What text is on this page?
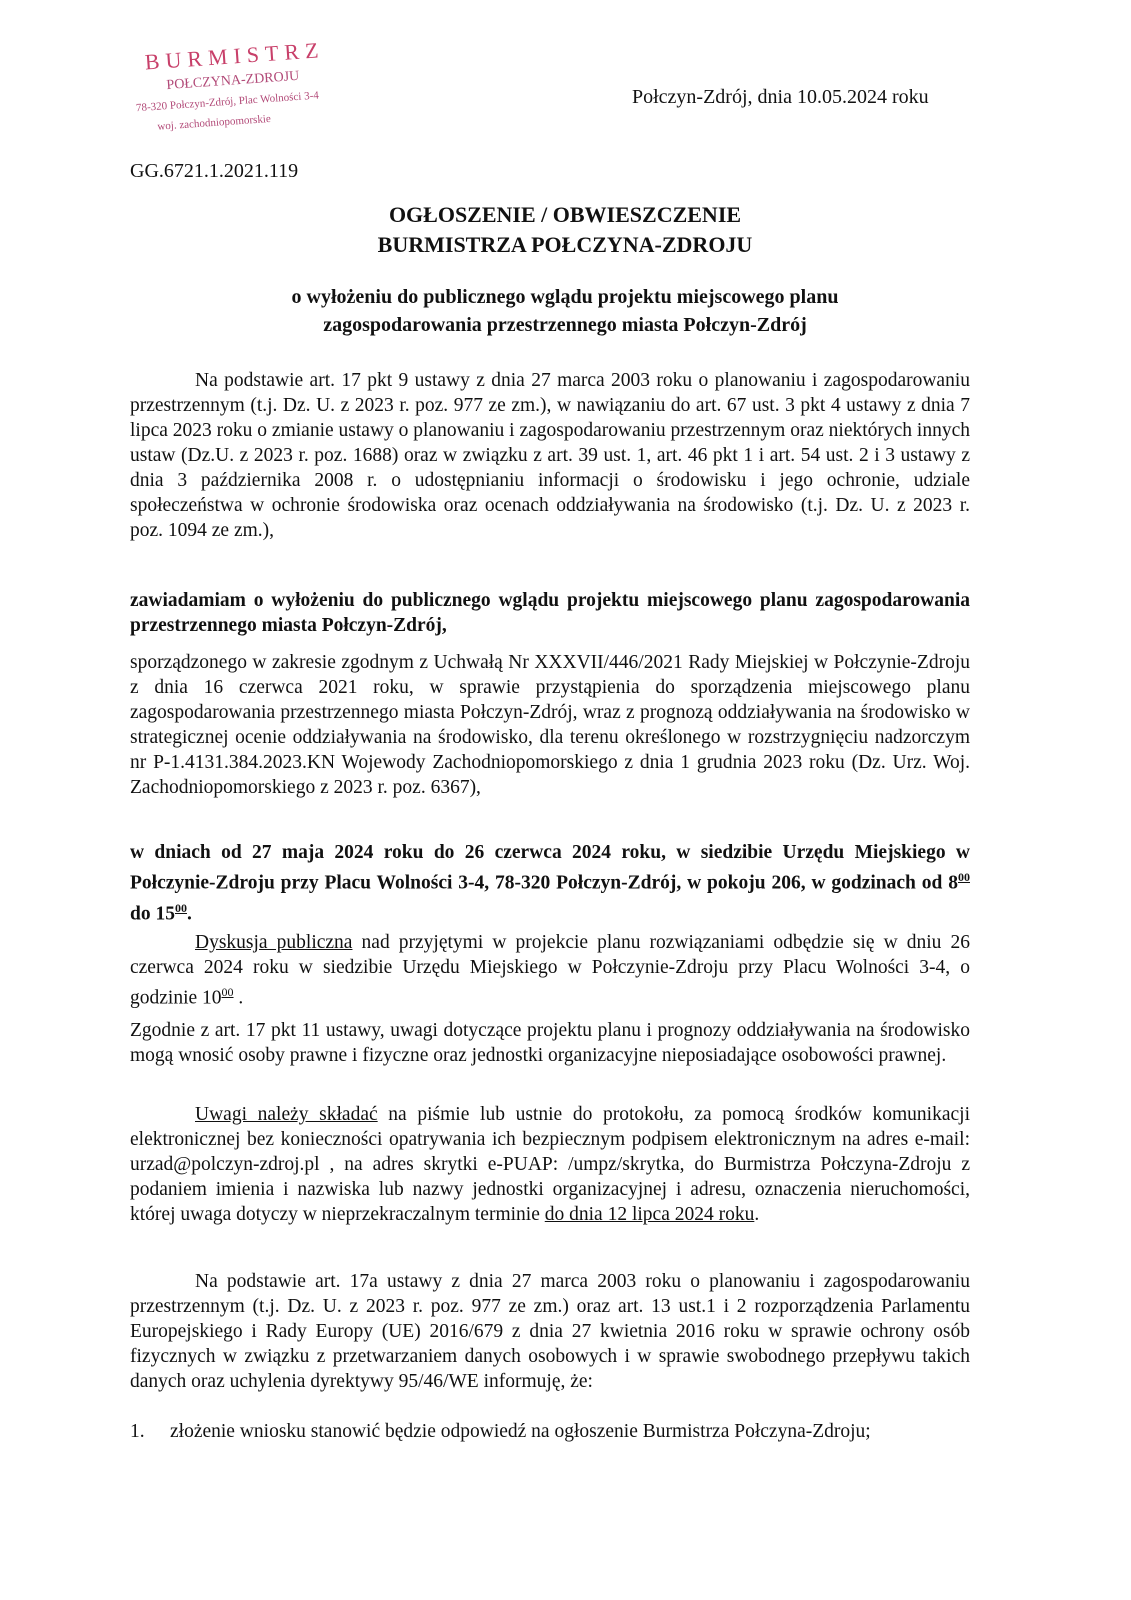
BURMISTRZ
POŁCZYNA-ZDROJU
78-320 Połczyn-Zdrój, Plac Wolności 3-4
woj. zachodniopomorskie
Połczyn-Zdrój, dnia 10.05.2024 roku
GG.6721.1.2021.119
OGŁOSZENIE / OBWIESZCZENIE
BURMISTRZA POŁCZYNA-ZDROJU
o wyłożeniu do publicznego wglądu projektu miejscowego planu
zagospodarowania przestrzennego miasta Połczyn-Zdrój
Na podstawie art. 17 pkt 9 ustawy z dnia 27 marca 2003 roku o planowaniu i zagospodarowaniu przestrzennym (t.j. Dz. U. z 2023 r. poz. 977 ze zm.), w nawiązaniu do art. 67 ust. 3 pkt 4 ustawy z dnia 7 lipca 2023 roku o zmianie ustawy o planowaniu i zagospodarowaniu przestrzennym oraz niektórych innych ustaw (Dz.U. z 2023 r. poz. 1688) oraz w związku z art. 39 ust. 1, art. 46 pkt 1 i art. 54 ust. 2 i 3 ustawy z dnia 3 października 2008 r. o udostępnianiu informacji o środowisku i jego ochronie, udziale społeczeństwa w ochronie środowiska oraz ocenach oddziaływania na środowisko (t.j. Dz. U. z 2023 r. poz. 1094 ze zm.),
zawiadamiam o wyłożeniu do publicznego wglądu projektu miejscowego planu zagospodarowania przestrzennego miasta Połczyn-Zdrój,
sporządzonego w zakresie zgodnym z Uchwałą Nr XXXVII/446/2021 Rady Miejskiej w Połczynie-Zdroju z dnia 16 czerwca 2021 roku, w sprawie przystąpienia do sporządzenia miejscowego planu zagospodarowania przestrzennego miasta Połczyn-Zdrój, wraz z prognozą oddziaływania na środowisko w strategicznej ocenie oddziaływania na środowisko, dla terenu określonego w rozstrzygnięciu nadzorczym nr P-1.4131.384.2023.KN Wojewody Zachodniopomorskiego z dnia 1 grudnia 2023 roku (Dz. Urz. Woj. Zachodniopomorskiego z 2023 r. poz. 6367),
w dniach od 27 maja 2024 roku do 26 czerwca 2024 roku, w siedzibie Urzędu Miejskiego w Połczynie-Zdroju przy Placu Wolności 3-4, 78-320 Połczyn-Zdrój, w pokoju 206, w godzinach od $8^{00}$ do $15^{00}$.
Dyskusja publiczna nad przyjętymi w projekcie planu rozwiązaniami odbędzie się w dniu 26 czerwca 2024 roku w siedzibie Urzędu Miejskiego w Połczynie-Zdroju przy Placu Wolności 3-4, o godzinie $10^{00}$ .
Zgodnie z art. 17 pkt 11 ustawy, uwagi dotyczące projektu planu i prognozy oddziaływania na środowisko mogą wnosić osoby prawne i fizyczne oraz jednostki organizacyjne nieposiadające osobowości prawnej.
Uwagi należy składać na piśmie lub ustnie do protokołu, za pomocą środków komunikacji elektronicznej bez konieczności opatrywania ich bezpiecznym podpisem elektronicznym na adres e-mail: urzad@polczyn-zdroj.pl , na adres skrytki e-PUAP: /umpz/skrytka, do Burmistrza Połczyna-Zdroju z podaniem imienia i nazwiska lub nazwy jednostki organizacyjnej i adresu, oznaczenia nieruchomości, której uwaga dotyczy w nieprzekraczalnym terminie do dnia 12 lipca 2024 roku.
Na podstawie art. 17a ustawy z dnia 27 marca 2003 roku o planowaniu i zagospodarowaniu przestrzennym (t.j. Dz. U. z 2023 r. poz. 977 ze zm.) oraz art. 13 ust.1 i 2 rozporządzenia Parlamentu Europejskiego i Rady Europy (UE) 2016/679 z dnia 27 kwietnia 2016 roku w sprawie ochrony osób fizycznych w związku z przetwarzaniem danych osobowych i w sprawie swobodnego przepływu takich danych oraz uchylenia dyrektywy 95/46/WE informuję, że:
1. złożenie wniosku stanowić będzie odpowiedź na ogłoszenie Burmistrza Połczyna-Zdroju;
